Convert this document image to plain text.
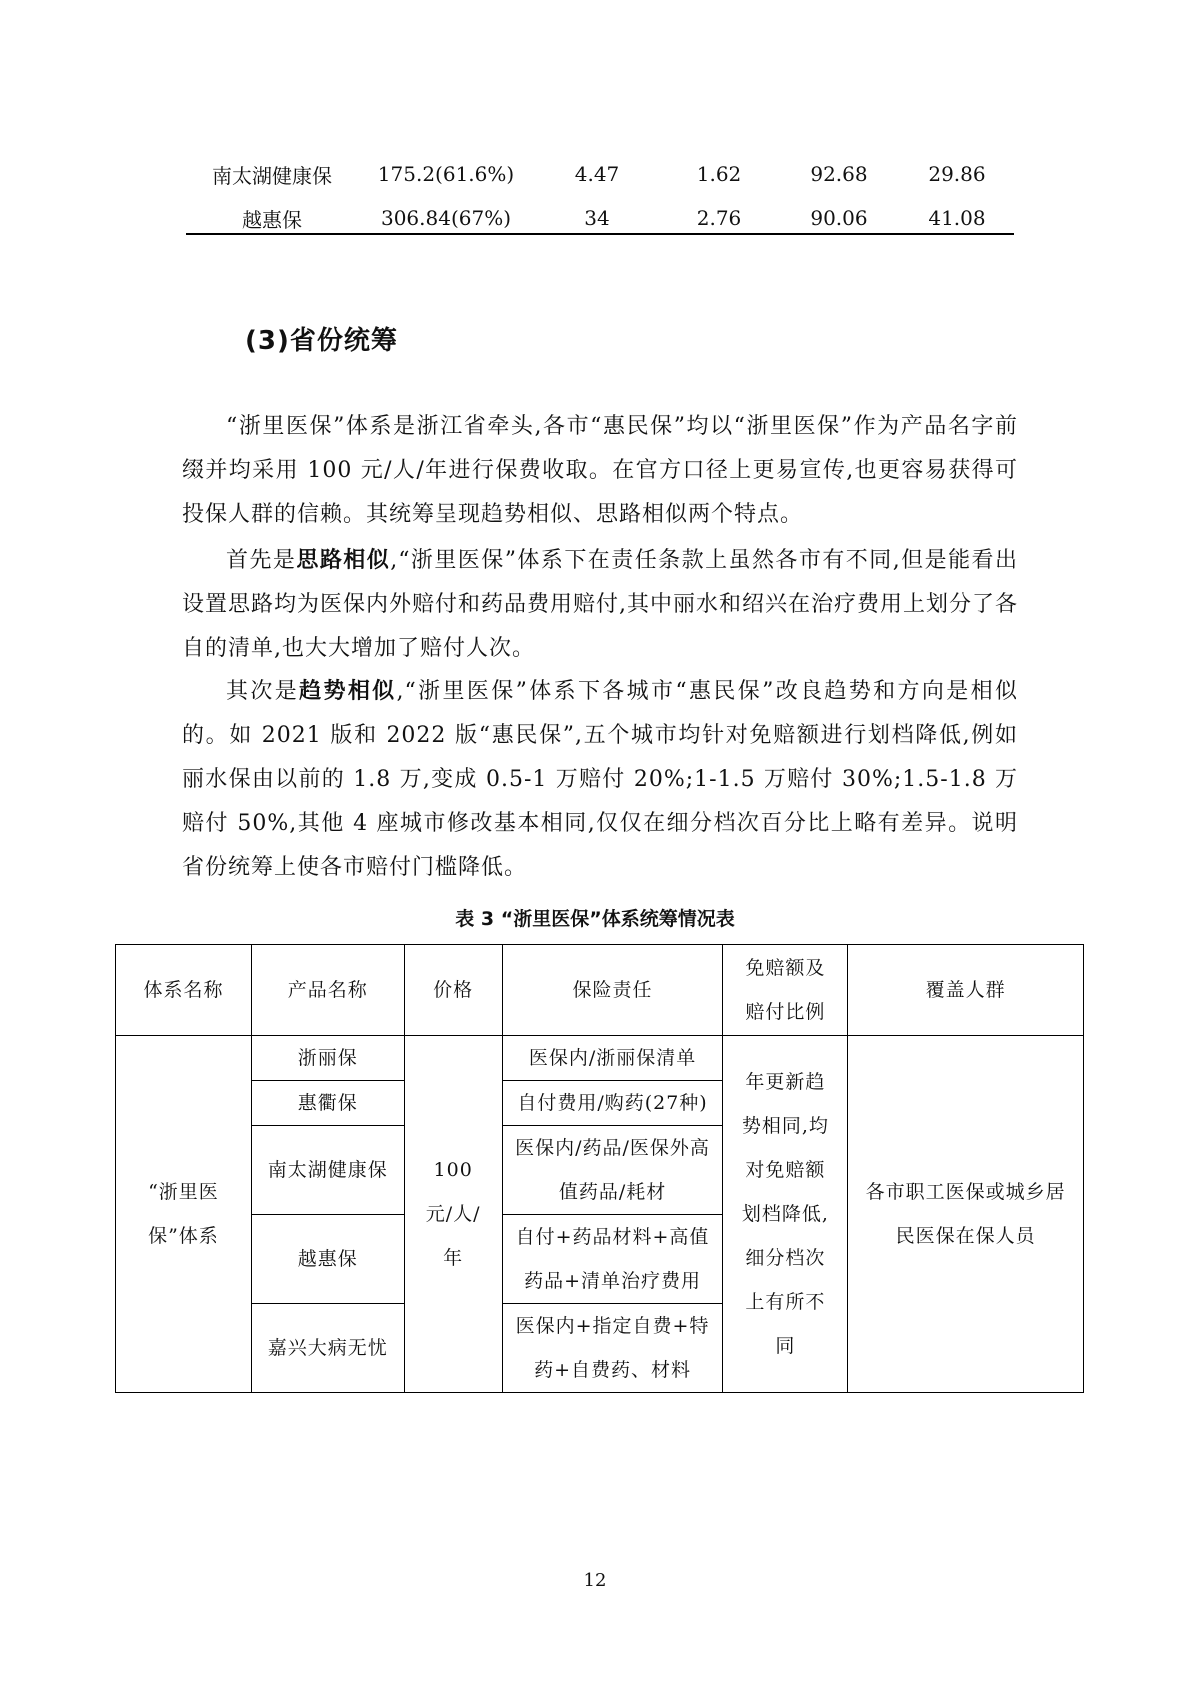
南太湖健康保	175.2(61.6%)	4.47	1.62	92.68	29.86
越惠保	306.84(67%)	34	2.76	90.06	41.08
(3)省份统筹

“浙里医保”体系是浙江省牵头,各市“惠民保”均以“浙里医保”作为产品名字前缀并均采用 100 元/人/年进行保费收取。在官方口径上更易宣传,也更容易获得可投保人群的信赖。其统筹呈现趋势相似、思路相似两个特点。

首先是思路相似,“浙里医保”体系下在责任条款上虽然各市有不同,但是能看出设置思路均为医保内外赔付和药品费用赔付,其中丽水和绍兴在治疗费用上划分了各自的清单,也大大增加了赔付人次。

其次是趋势相似,“浙里医保”体系下各城市“惠民保”改良趋势和方向是相似的。如 2021 版和 2022 版“惠民保”,五个城市均针对免赔额进行划档降低,例如丽水保由以前的 1.8 万,变成 0.5-1 万赔付 20%;1-1.5 万赔付 30%;1.5-1.8 万赔付 50%,其他 4 座城市修改基本相同,仅仅在细分档次百分比上略有差异。说明省份统筹上使各市赔付门槛降低。

表 3 “浙里医保”体系统筹情况表
体系名称	产品名称	价格	保险责任	免赔额及赔付比例	覆盖人群
“浙里医保”体系	浙丽保	100 元/人/年	医保内/浙丽保清单	年更新趋势相同,均对免赔额划档降低,细分档次上有所不同	各市职工医保或城乡居民医保在保人员
	惠衢保		自付费用/购药(27种)		
	南太湖健康保		医保内/药品/医保外高值药品/耗材		
	越惠保		自付+药品材料+高值药品+清单治疗费用		
	嘉兴大病无忧		医保内+指定自费+特药+自费药、材料		
12
